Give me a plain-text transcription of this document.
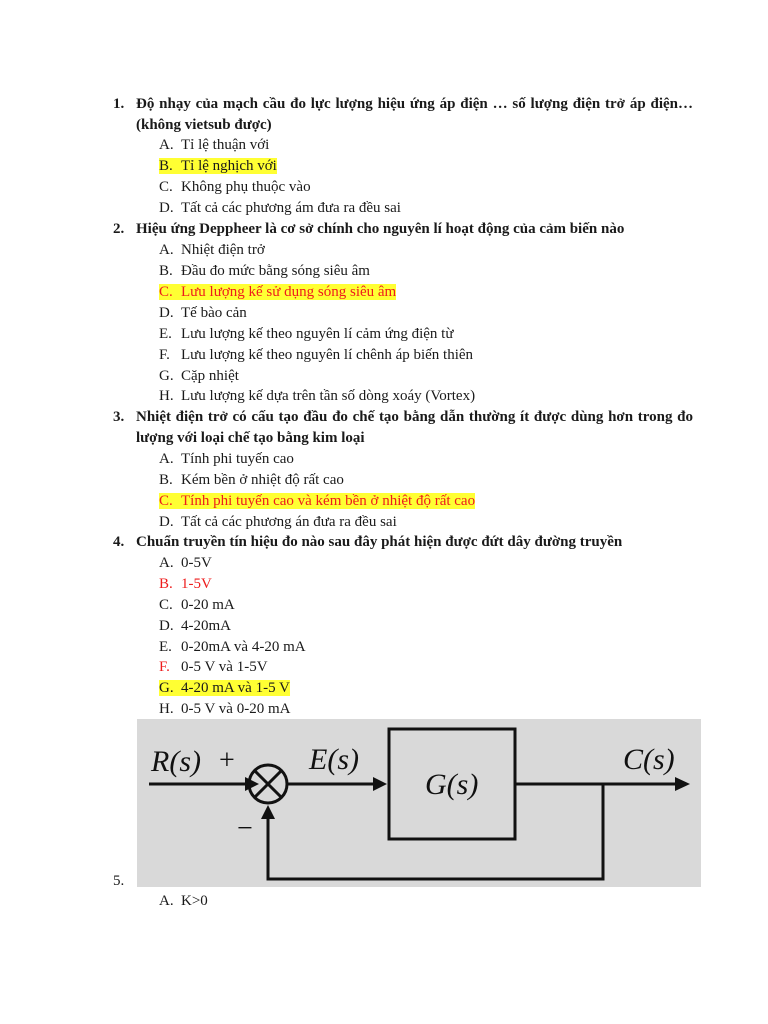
1. Độ nhạy của mạch cầu đo lực lượng hiệu ứng áp điện … số lượng điện trở áp điện… (không vietsub được)
A. Tỉ lệ thuận với
B. Tỉ lệ nghịch với
C. Không phụ thuộc vào
D. Tất cả các phương ám đưa ra đều sai
2. Hiệu ứng Deppheer là cơ sở chính cho nguyên lí hoạt động của cảm biến nào
A. Nhiệt điện trở
B. Đầu đo mức bằng sóng siêu âm
C. Lưu lượng kế sử dụng sóng siêu âm
D. Tế bào cản
E. Lưu lượng kế theo nguyên lí cảm ứng điện từ
F. Lưu lượng kế theo nguyên lí chênh áp biến thiên
G. Cặp nhiệt
H. Lưu lượng kế dựa trên tần số dòng xoáy (Vortex)
3. Nhiệt điện trở có cấu tạo đầu đo chế tạo bằng dẫn thường ít được dùng hơn trong đo lượng với loại chế tạo bằng kim loại
A. Tính phi tuyến cao
B. Kém bền ở nhiệt độ rất cao
C. Tính phi tuyến cao và kém bền ở nhiệt độ rất cao
D. Tất cả các phương án đưa ra đều sai
4. Chuẩn truyền tín hiệu đo nào sau đây phát hiện được đứt dây đường truyền
A. 0-5V
B. 1-5V
C. 0-20 mA
D. 4-20mA
E. 0-20mA và 4-20 mA
F. 0-5 V và 1-5V
G. 4-20 mA và 1-5 V
H. 0-5 V và 0-20 mA
5.
R(s) +
−
E(s)
G(s)
C(s)
A. K>0
